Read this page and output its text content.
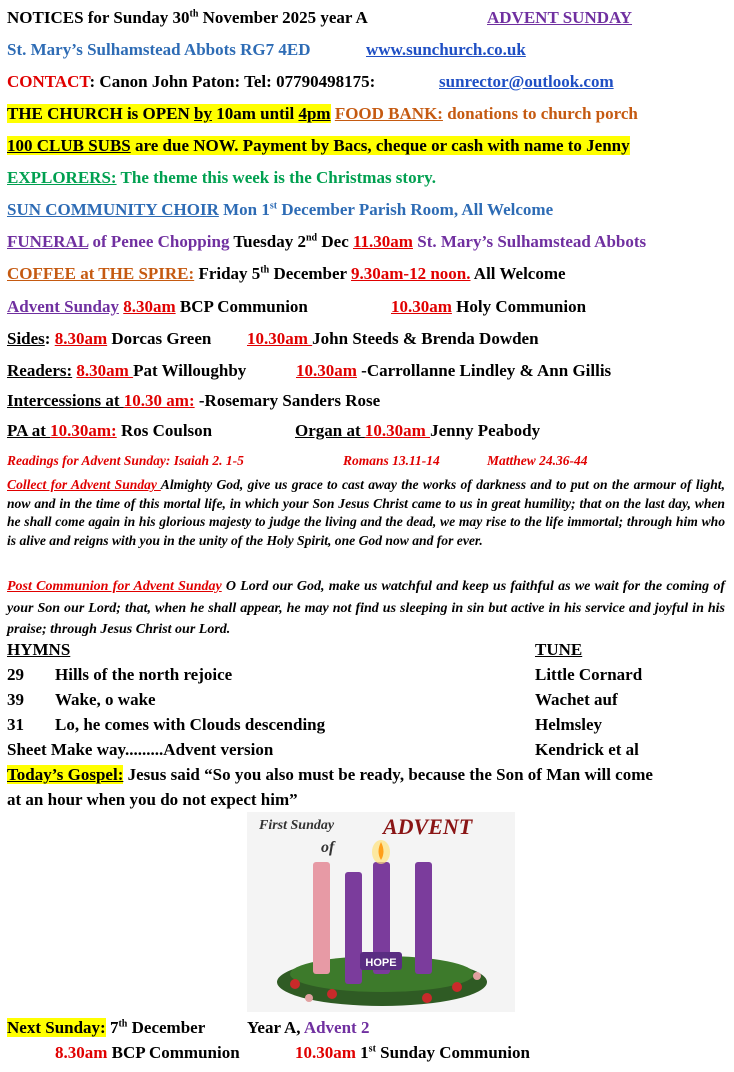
NOTICES for Sunday 30th November 2025 year A	ADVENT SUNDAY
St. Mary’s Sulhamstead Abbots RG7 4ED	www.sunchurch.co.uk
CONTACT: Canon John Paton: Tel: 07790498175:	sunrector@outlook.com
THE CHURCH is OPEN by 10am until 4pm FOOD BANK: donations to church porch
100 CLUB SUBS are due NOW. Payment by Bacs, cheque or cash with name to Jenny
EXPLORERS: The theme this week is the Christmas story.
SUN COMMUNITY CHOIR Mon 1st December Parish Room, All Welcome
FUNERAL of Penee Chopping Tuesday 2nd Dec 11.30am St. Mary’s Sulhamstead Abbots
COFFEE at THE SPIRE: Friday 5th December 9.30am-12 noon. All Welcome
Advent Sunday 8.30am BCP Communion	10.30am Holy Communion
Sides: 8.30am Dorcas Green 10.30am John Steeds & Brenda Dowden
Readers: 8.30am Pat Willoughby	10.30am -Carrollanne Lindley & Ann Gillis
Intercessions at 10.30 am: -Rosemary Sanders Rose
PA at 10.30am: Ros Coulson	Organ at 10.30am Jenny Peabody
Readings for Advent Sunday: Isaiah 2. 1-5	Romans 13.11-14	Matthew 24.36-44
Collect for Advent Sunday Almighty God, give us grace to cast away the works of darkness and to put on the armour of light, now and in the time of this mortal life, in which your Son Jesus Christ came to us in great humility; that on the last day, when he shall come again in his glorious majesty to judge the living and the dead, we may rise to the life immortal; through him who is alive and reigns with you in the unity of the Holy Spirit, one God now and for ever.
Post Communion for Advent Sunday O Lord our God, make us watchful and keep us faithful as we wait for the coming of your Son our Lord; that, when he shall appear, he may not find us sleeping in sin but active in his service and joyful in his praise; through Jesus Christ our Lord.
HYMNS	TUNE
29 Hills of the north rejoice	Little Cornard
39 Wake, o wake	Wachet auf
31 Lo, he comes with Clouds descending	Helmsley
Sheet Make way.........Advent version	Kendrick et al
Today’s Gospel: Jesus said “So you also must be ready, because the Son of Man will come
at an hour when you do not expect him”
First Sunday ADVENT
of
HOPE
Next Sunday: 7th December Year A, Advent 2
8.30am BCP Communion	10.30am 1st Sunday Communion
